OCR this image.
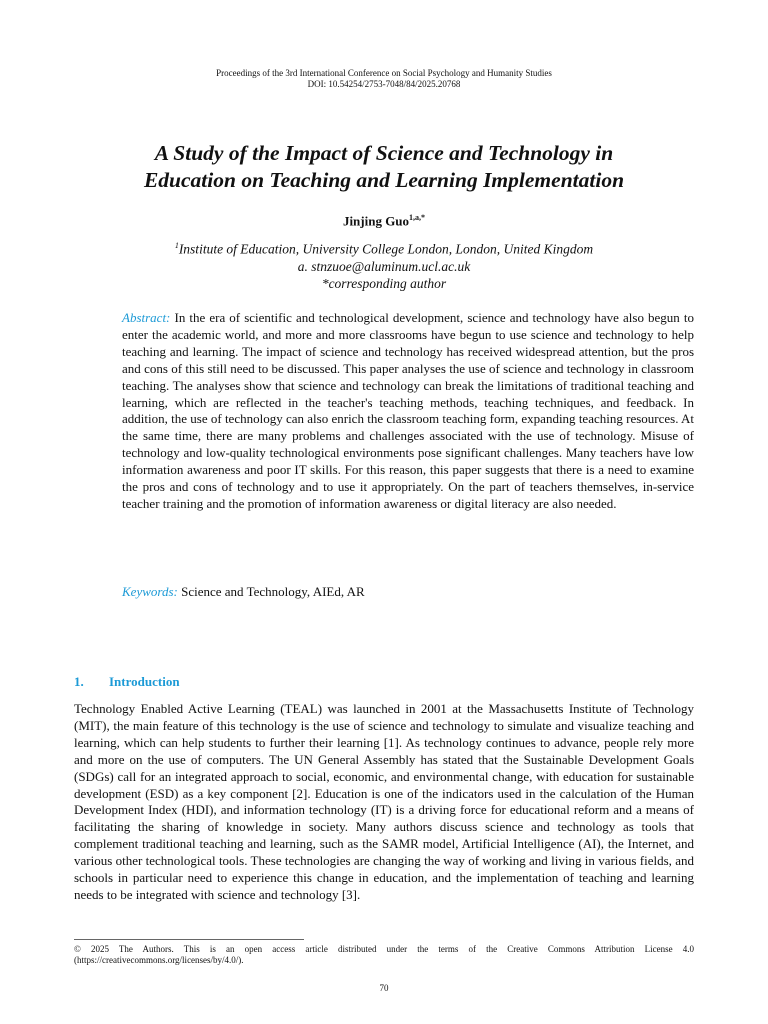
Proceedings of the 3rd International Conference on Social Psychology and Humanity Studies
DOI: 10.54254/2753-7048/84/2025.20768
A Study of the Impact of Science and Technology in
Education on Teaching and Learning Implementation
Jinjing Guo$^{1,a,*}$
$^1$Institute of Education, University College London, London, United Kingdom
a. stnzuoe@aluminum.ucl.ac.uk
*corresponding author
Abstract: In the era of scientific and technological development, science and technology have also begun to enter the academic world, and more and more classrooms have begun to use science and technology to help teaching and learning. The impact of science and technology has received widespread attention, but the pros and cons of this still need to be discussed. This paper analyses the use of science and technology in classroom teaching. The analyses show that science and technology can break the limitations of traditional teaching and learning, which are reflected in the teacher's teaching methods, teaching techniques, and feedback. In addition, the use of technology can also enrich the classroom teaching form, expanding teaching resources. At the same time, there are many problems and challenges associated with the use of technology. Misuse of technology and low-quality technological environments pose significant challenges. Many teachers have low information awareness and poor IT skills. For this reason, this paper suggests that there is a need to examine the pros and cons of technology and to use it appropriately. On the part of teachers themselves, in-service teacher training and the promotion of information awareness or digital literacy are also needed.
Keywords: Science and Technology, AIEd, AR
1. Introduction
Technology Enabled Active Learning (TEAL) was launched in 2001 at the Massachusetts Institute of Technology (MIT), the main feature of this technology is the use of science and technology to simulate and visualize teaching and learning, which can help students to further their learning [1]. As technology continues to advance, people rely more and more on the use of computers. The UN General Assembly has stated that the Sustainable Development Goals (SDGs) call for an integrated approach to social, economic, and environmental change, with education for sustainable development (ESD) as a key component [2]. Education is one of the indicators used in the calculation of the Human Development Index (HDI), and information technology (IT) is a driving force for educational reform and a means of facilitating the sharing of knowledge in society. Many authors discuss science and technology as tools that complement traditional teaching and learning, such as the SAMR model, Artificial Intelligence (AI), the Internet, and various other technological tools. These technologies are changing the way of working and living in various fields, and schools in particular need to experience this change in education, and the implementation of teaching and learning needs to be integrated with science and technology [3].
© 2025 The Authors. This is an open access article distributed under the terms of the Creative Commons Attribution License 4.0 (https://creativecommons.org/licenses/by/4.0/).
70
